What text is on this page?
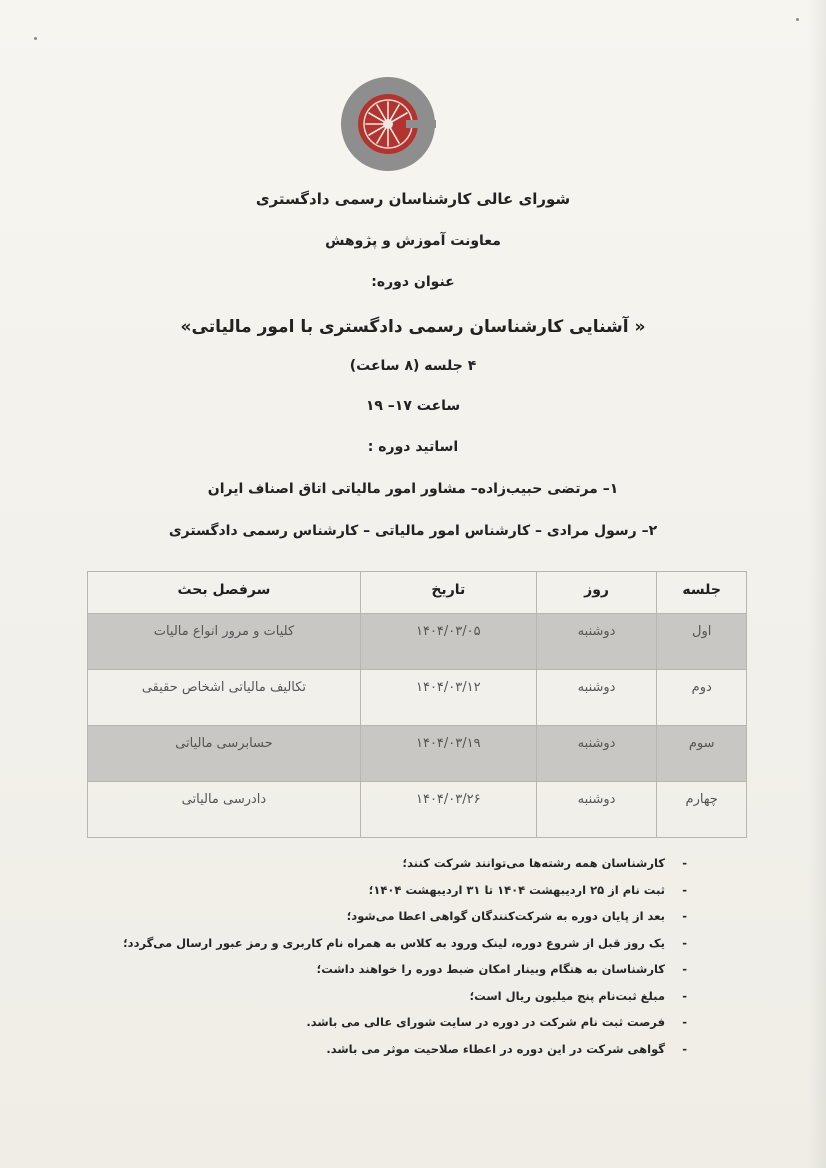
شورای عالی کارشناسان رسمی دادگستری
معاونت آموزش و پژوهش
عنوان دوره:
« آشنایی کارشناسان رسمی دادگستری با امور مالیاتی»
۴ جلسه (۸ ساعت)
ساعت ۱۷– ۱۹
اساتید دوره :
۱– مرتضی حبیب‌زاده– مشاور امور مالیاتی اتاق اصناف ایران
۲– رسول مرادی – کارشناس امور مالیاتی – کارشناس رسمی دادگستری
جلسه	روز	تاریخ	سرفصل بحث
اول	دوشنبه	۱۴۰۴/۰۳/۰۵	کلیات و مرور انواع مالیات
دوم	دوشنبه	۱۴۰۴/۰۳/۱۲	تکالیف مالیاتی اشخاص حقیقی
سوم	دوشنبه	۱۴۰۴/۰۳/۱۹	حسابرسی مالیاتی
چهارم	دوشنبه	۱۴۰۴/۰۳/۲۶	دادرسی مالیاتی
- کارشناسان همه رشته‌ها می‌توانند شرکت کنند؛
- ثبت نام از ۲۵ اردیبهشت ۱۴۰۴ تا ۳۱ اردیبهشت ۱۴۰۴؛
- بعد از پایان دوره به شرکت‌کنندگان گواهی اعطا می‌شود؛
- یک روز قبل از شروع دوره، لینک ورود به کلاس به همراه نام کاربری و رمز عبور ارسال می‌گردد؛
- کارشناسان به هنگام وبینار امکان ضبط دوره را خواهند داشت؛
- مبلغ ثبت‌نام پنج میلیون ریال است؛
- فرصت ثبت نام شرکت در دوره در سایت شورای عالی می باشد.
- گواهی شرکت در این دوره در اعطاء صلاحیت موثر می باشد.
